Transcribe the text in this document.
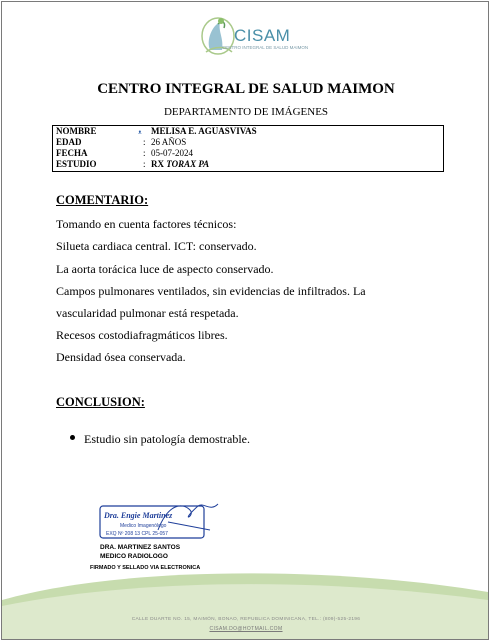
CISAM
CENTRO INTEGRAL DE SALUD MAIMON
CENTRO INTEGRAL DE SALUD MAIMON
DEPARTAMENTO DE IMÁGENES
NOMBRE	ᴥ MELISA E. AGUASVIVAS
EDAD	: 26 AÑOS
FECHA	: 05-07-2024
ESTUDIO	: RX TORAX PA
COMENTARIO:
Tomando en cuenta factores técnicos:
Silueta cardiaca central. ICT: conservado.
La aorta torácica luce de aspecto conservado.
Campos pulmonares ventilados, sin evidencias de infiltrados. La
vascularidad pulmonar está respetada.
Recesos costodiafragmáticos libres.
Densidad ósea conservada.
CONCLUSION:
Estudio sin patología demostrable.
Dra. Engie Martinez
Medico Imagenólogo
EXQ Nº 208 13 CPL 25-057
DRA. MARTINEZ SANTOS
MEDICO RADIOLOGO
FIRMADO Y SELLADO VIA ELECTRONICA
CALLE DUARTE NO. 15, MAIMÓN, BONAO, REPUBLICA DOMINICANA, TEL.: (809)-525-2196
CISAM.DO@HOTMAIL.COM
